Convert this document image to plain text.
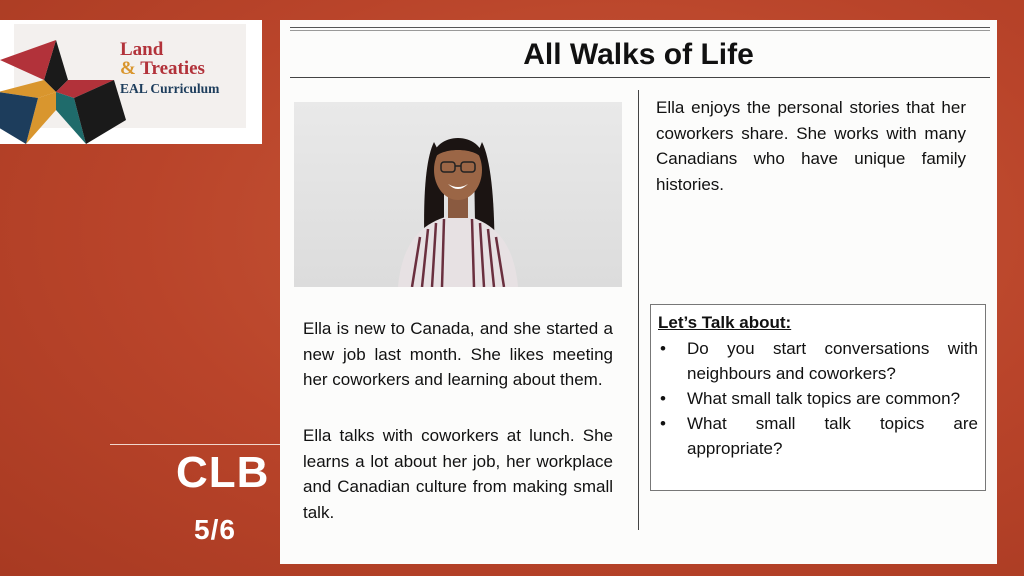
Land
& Treaties
EAL Curriculum
CLB
5/6
All Walks of Life
Ella enjoys the personal stories that her coworkers share. She works with many Canadians who have unique family histories.
Ella is new to Canada, and she started a new job last month. She likes meeting her coworkers and learning about them.
Ella talks with coworkers at lunch. She learns a lot about her job, her workplace and Canadian culture from making small talk.
Let’s Talk about:
• Do you start conversations with neighbours and coworkers?
• What small talk topics are common?
• What small talk topics are appropriate?
